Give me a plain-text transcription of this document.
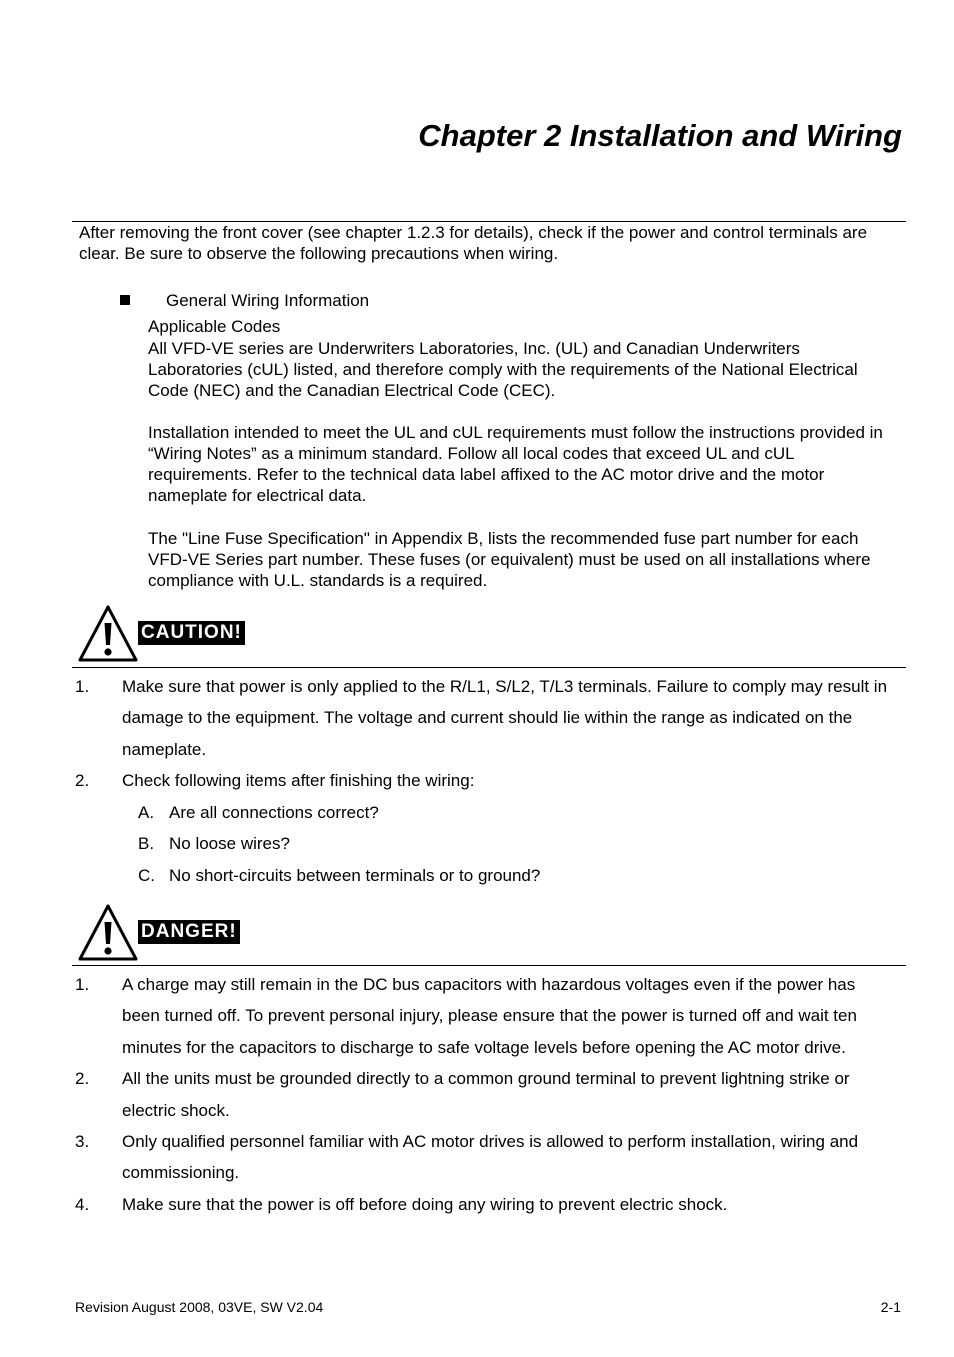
Chapter 2 Installation and Wiring

After removing the front cover (see chapter 1.2.3 for details), check if the power and control terminals are clear. Be sure to observe the following precautions when wiring.

General Wiring Information
Applicable Codes

All VFD-VE series are Underwriters Laboratories, Inc. (UL) and Canadian Underwriters Laboratories (cUL) listed, and therefore comply with the requirements of the National Electrical Code (NEC) and the Canadian Electrical Code (CEC).

Installation intended to meet the UL and cUL requirements must follow the instructions provided in “Wiring Notes” as a minimum standard. Follow all local codes that exceed UL and cUL requirements. Refer to the technical data label affixed to the AC motor drive and the motor nameplate for electrical data.

The "Line Fuse Specification" in Appendix B, lists the recommended fuse part number for each VFD-VE Series part number. These fuses (or equivalent) must be used on all installations where compliance with U.L. standards is a required.

CAUTION!
1. Make sure that power is only applied to the R/L1, S/L2, T/L3 terminals. Failure to comply may result in damage to the equipment. The voltage and current should lie within the range as indicated on the nameplate.
2. Check following items after finishing the wiring:
A. Are all connections correct?
B. No loose wires?
C. No short-circuits between terminals or to ground?
DANGER!
1. A charge may still remain in the DC bus capacitors with hazardous voltages even if the power has been turned off. To prevent personal injury, please ensure that the power is turned off and wait ten minutes for the capacitors to discharge to safe voltage levels before opening the AC motor drive.
2. All the units must be grounded directly to a common ground terminal to prevent lightning strike or electric shock.
3. Only qualified personnel familiar with AC motor drives is allowed to perform installation, wiring and commissioning.
4. Make sure that the power is off before doing any wiring to prevent electric shock.
Revision August 2008, 03VE, SW V2.04	2-1
